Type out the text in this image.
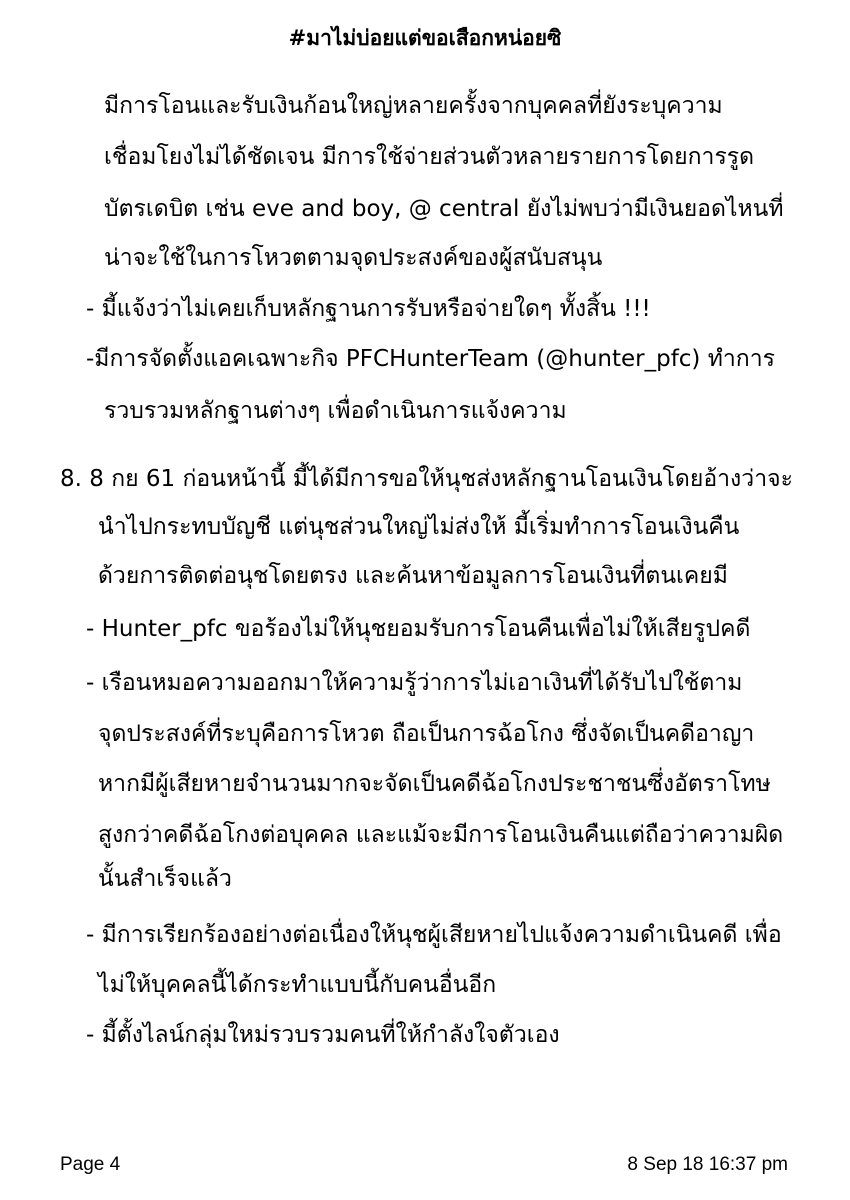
#มาไม่บ่อยแต่ขอเสือกหน่อยซิ
มีการโอนและรับเงินก้อนใหญ่หลายครั้งจากบุคคลที่ยังระบุความ
เชื่อมโยงไม่ได้ชัดเจน มีการใช้จ่ายส่วนตัวหลายรายการโดยการรูด
บัตรเดบิต เช่น eve and boy, @ central ยังไม่พบว่ามีเงินยอดไหนที่
น่าจะใช้ในการโหวตตามจุดประสงค์ของผู้สนับสนุน
- มี้แจ้งว่าไม่เคยเก็บหลักฐานการรับหรือจ่ายใดๆ ทั้งสิ้น !!!
-มีการจัดตั้งแอคเฉพาะกิจ PFCHunterTeam (@hunter_pfc) ทำการ
รวบรวมหลักฐานต่างๆ เพื่อดำเนินการแจ้งความ
8. 8 กย 61 ก่อนหน้านี้ มี้ได้มีการขอให้นุชส่งหลักฐานโอนเงินโดยอ้างว่าจะ
นำไปกระทบบัญชี แต่นุชส่วนใหญ่ไม่ส่งให้ มี้เริ่มทำการโอนเงินคืน
ด้วยการติดต่อนุชโดยตรง และค้นหาข้อมูลการโอนเงินที่ตนเคยมี
- Hunter_pfc ขอร้องไม่ให้นุชยอมรับการโอนคืนเพื่อไม่ให้เสียรูปคดี
- เรือนหมอความออกมาให้ความรู้ว่าการไม่เอาเงินที่ได้รับไปใช้ตาม
จุดประสงค์ที่ระบุคือการโหวต ถือเป็นการฉ้อโกง ซึ่งจัดเป็นคดีอาญา
หากมีผู้เสียหายจำนวนมากจะจัดเป็นคดีฉ้อโกงประชาชนซึ่งอัตราโทษ
สูงกว่าคดีฉ้อโกงต่อบุคคล และแม้จะมีการโอนเงินคืนแต่ถือว่าความผิด
นั้นสำเร็จแล้ว
- มีการเรียกร้องอย่างต่อเนื่องให้นุชผู้เสียหายไปแจ้งความดำเนินคดี เพื่อ
ไม่ให้บุคคลนี้ได้กระทำแบบนี้กับคนอื่นอีก
- มี้ตั้งไลน์กลุ่มใหม่รวบรวมคนที่ให้กำลังใจตัวเอง
Page 4	8 Sep 18 16:37 pm
